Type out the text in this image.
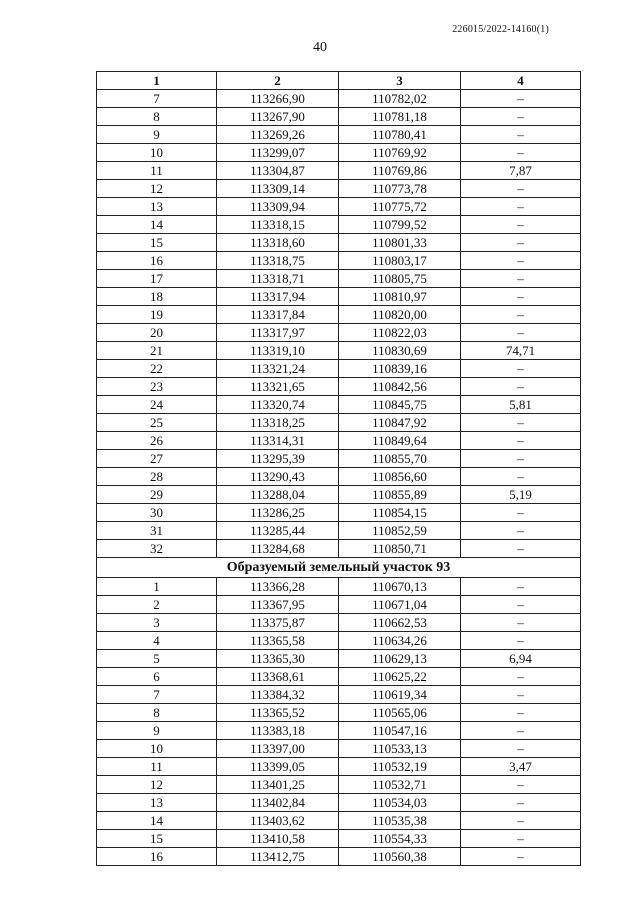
226015/2022-14160(1)
40
1	2	3	4
7	113266,90	110782,02	–
8	113267,90	110781,18	–
9	113269,26	110780,41	–
10	113299,07	110769,92	–
11	113304,87	110769,86	7,87
12	113309,14	110773,78	–
13	113309,94	110775,72	–
14	113318,15	110799,52	–
15	113318,60	110801,33	–
16	113318,75	110803,17	–
17	113318,71	110805,75	–
18	113317,94	110810,97	–
19	113317,84	110820,00	–
20	113317,97	110822,03	–
21	113319,10	110830,69	74,71
22	113321,24	110839,16	–
23	113321,65	110842,56	–
24	113320,74	110845,75	5,81
25	113318,25	110847,92	–
26	113314,31	110849,64	–
27	113295,39	110855,70	–
28	113290,43	110856,60	–
29	113288,04	110855,89	5,19
30	113286,25	110854,15	–
31	113285,44	110852,59	–
32	113284,68	110850,71	–
Образуемый земельный участок 93			
1	113366,28	110670,13	–
2	113367,95	110671,04	–
3	113375,87	110662,53	–
4	113365,58	110634,26	–
5	113365,30	110629,13	6,94
6	113368,61	110625,22	–
7	113384,32	110619,34	–
8	113365,52	110565,06	–
9	113383,18	110547,16	–
10	113397,00	110533,13	–
11	113399,05	110532,19	3,47
12	113401,25	110532,71	–
13	113402,84	110534,03	–
14	113403,62	110535,38	–
15	113410,58	110554,33	–
16	113412,75	110560,38	–
